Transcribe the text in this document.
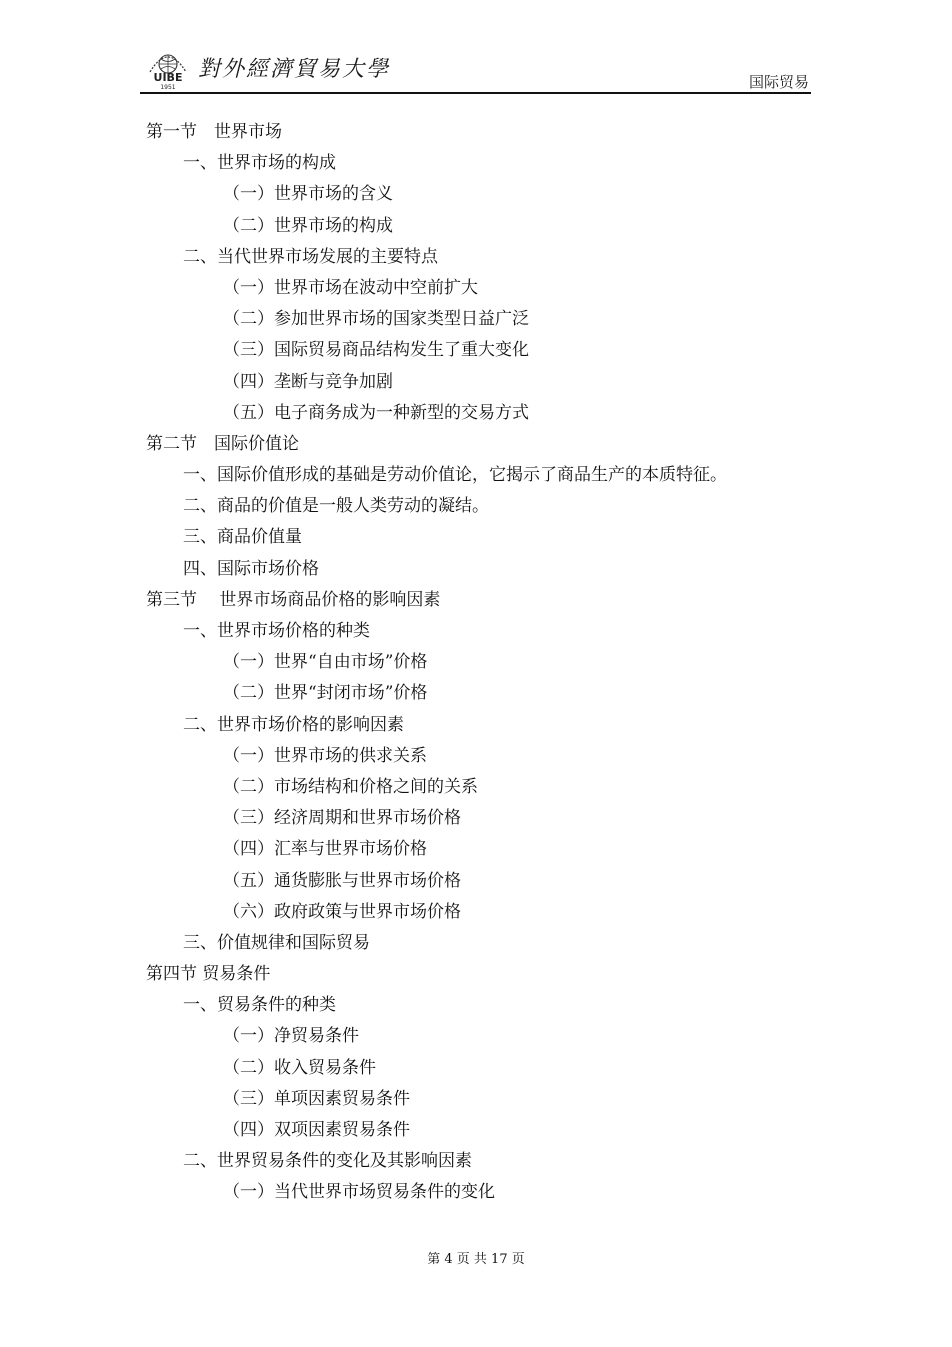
UIBE
1951
對外經濟貿易大學	国际贸易
第一节　世界市场
一、世界市场的构成
（一）世界市场的含义
（二）世界市场的构成
二、当代世界市场发展的主要特点
（一）世界市场在波动中空前扩大
（二）参加世界市场的国家类型日益广泛
（三）国际贸易商品结构发生了重大变化
（四）垄断与竞争加剧
（五）电子商务成为一种新型的交易方式
第二节　国际价值论
一、国际价值形成的基础是劳动价值论，它揭示了商品生产的本质特征。
二、商品的价值是一般人类劳动的凝结。
三、商品价值量
四、国际市场价格
第三节　 世界市场商品价格的影响因素
一、世界市场价格的种类
（一）世界“自由市场”价格
（二）世界“封闭市场”价格
二、世界市场价格的影响因素
（一）世界市场的供求关系
（二）市场结构和价格之间的关系
（三）经济周期和世界市场价格
（四）汇率与世界市场价格
（五）通货膨胀与世界市场价格
（六）政府政策与世界市场价格
三、价值规律和国际贸易
第四节 贸易条件
一、贸易条件的种类
（一）净贸易条件
（二）收入贸易条件
（三）单项因素贸易条件
（四）双项因素贸易条件
二、世界贸易条件的变化及其影响因素
（一）当代世界市场贸易条件的变化
第 4 页 共 17 页
